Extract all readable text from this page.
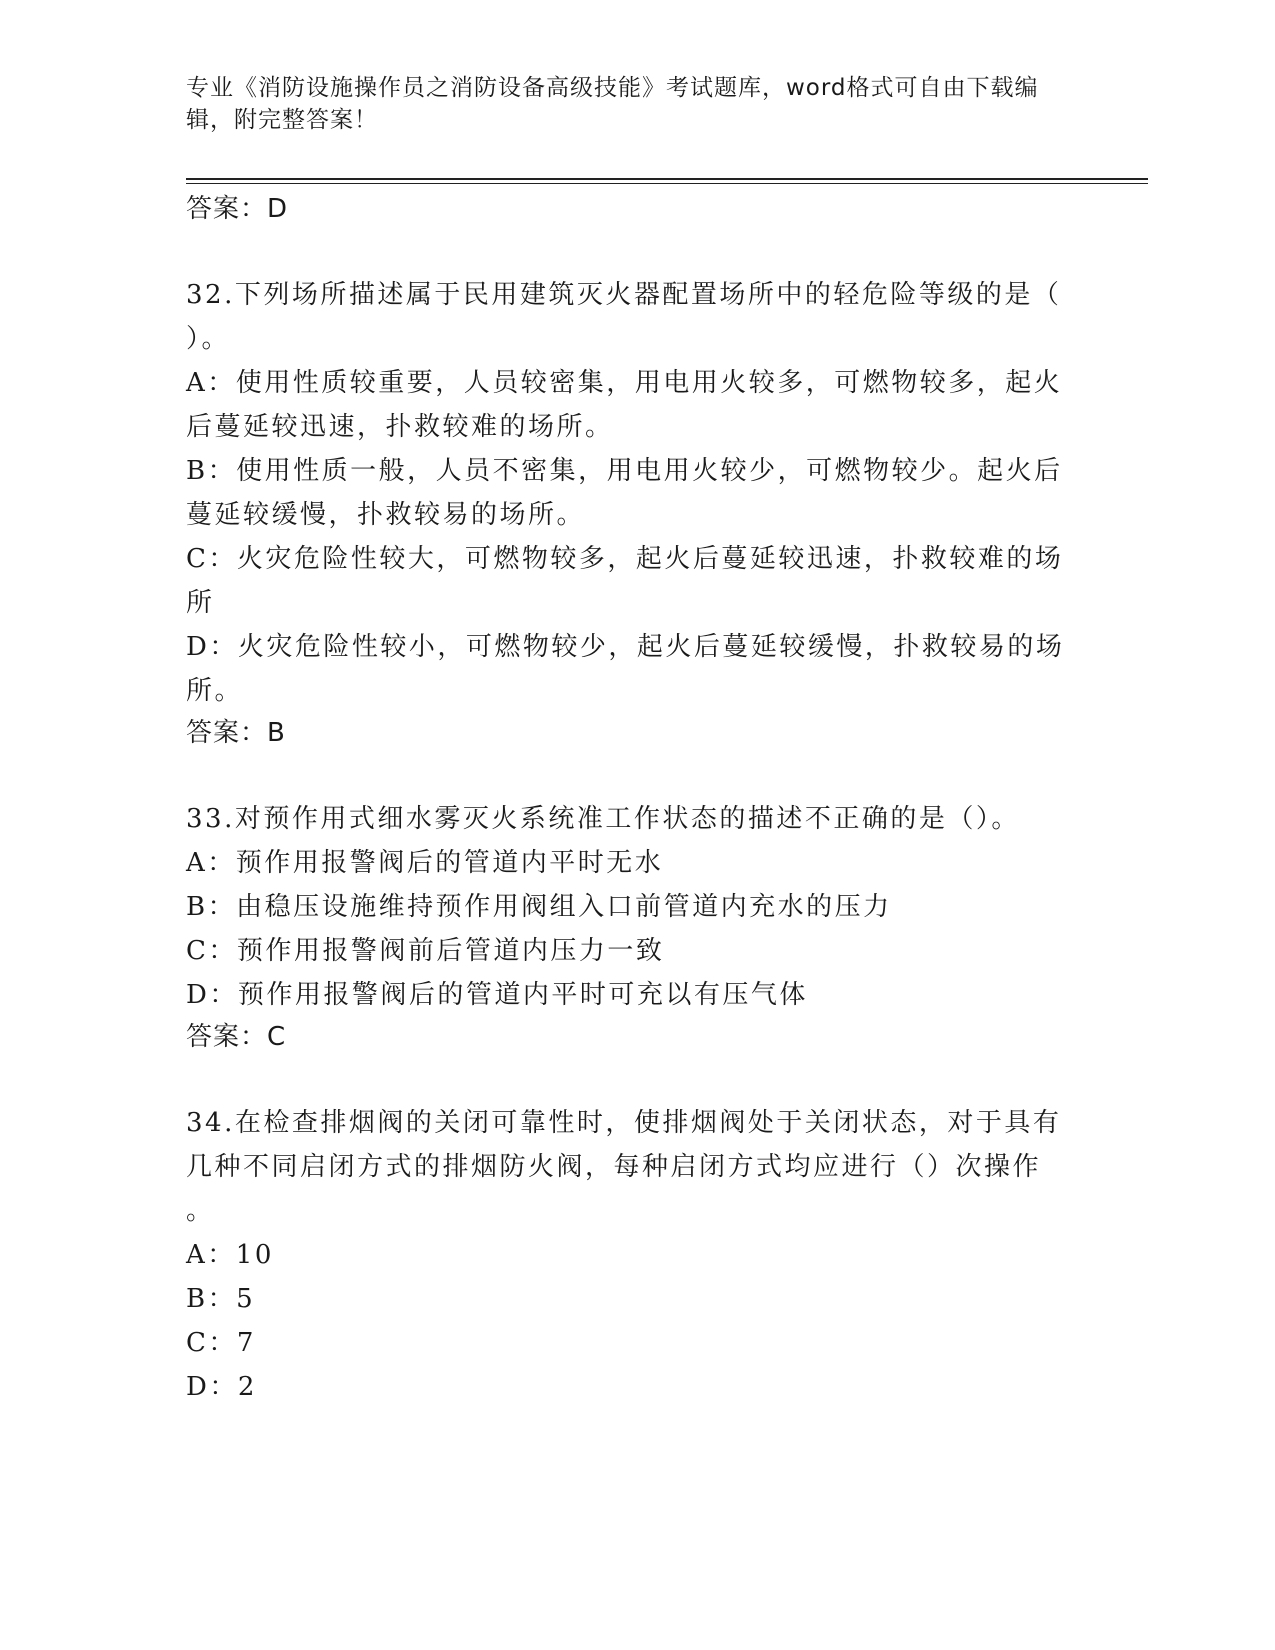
专业《消防设施操作员之消防设备高级技能》考试题库，word格式可自由下载编
辑，附完整答案！

答案：D

32.下列场所描述属于民用建筑灭火器配置场所中的轻危险等级的是（

）。

A：使用性质较重要，人员较密集，用电用火较多，可燃物较多，起火

后蔓延较迅速，扑救较难的场所。

B：使用性质一般，人员不密集，用电用火较少，可燃物较少。起火后

蔓延较缓慢，扑救较易的场所。

C：火灾危险性较大，可燃物较多，起火后蔓延较迅速，扑救较难的场

所

D：火灾危险性较小，可燃物较少，起火后蔓延较缓慢，扑救较易的场

所。

答案：B

33.对预作用式细水雾灭火系统准工作状态的描述不正确的是（）。

A：预作用报警阀后的管道内平时无水

B：由稳压设施维持预作用阀组入口前管道内充水的压力

C：预作用报警阀前后管道内压力一致

D：预作用报警阀后的管道内平时可充以有压气体

答案：C

34.在检查排烟阀的关闭可靠性时，使排烟阀处于关闭状态，对于具有

几种不同启闭方式的排烟防火阀，每种启闭方式均应进行（）次操作

。

A：10

B：5

C：7

D：2
